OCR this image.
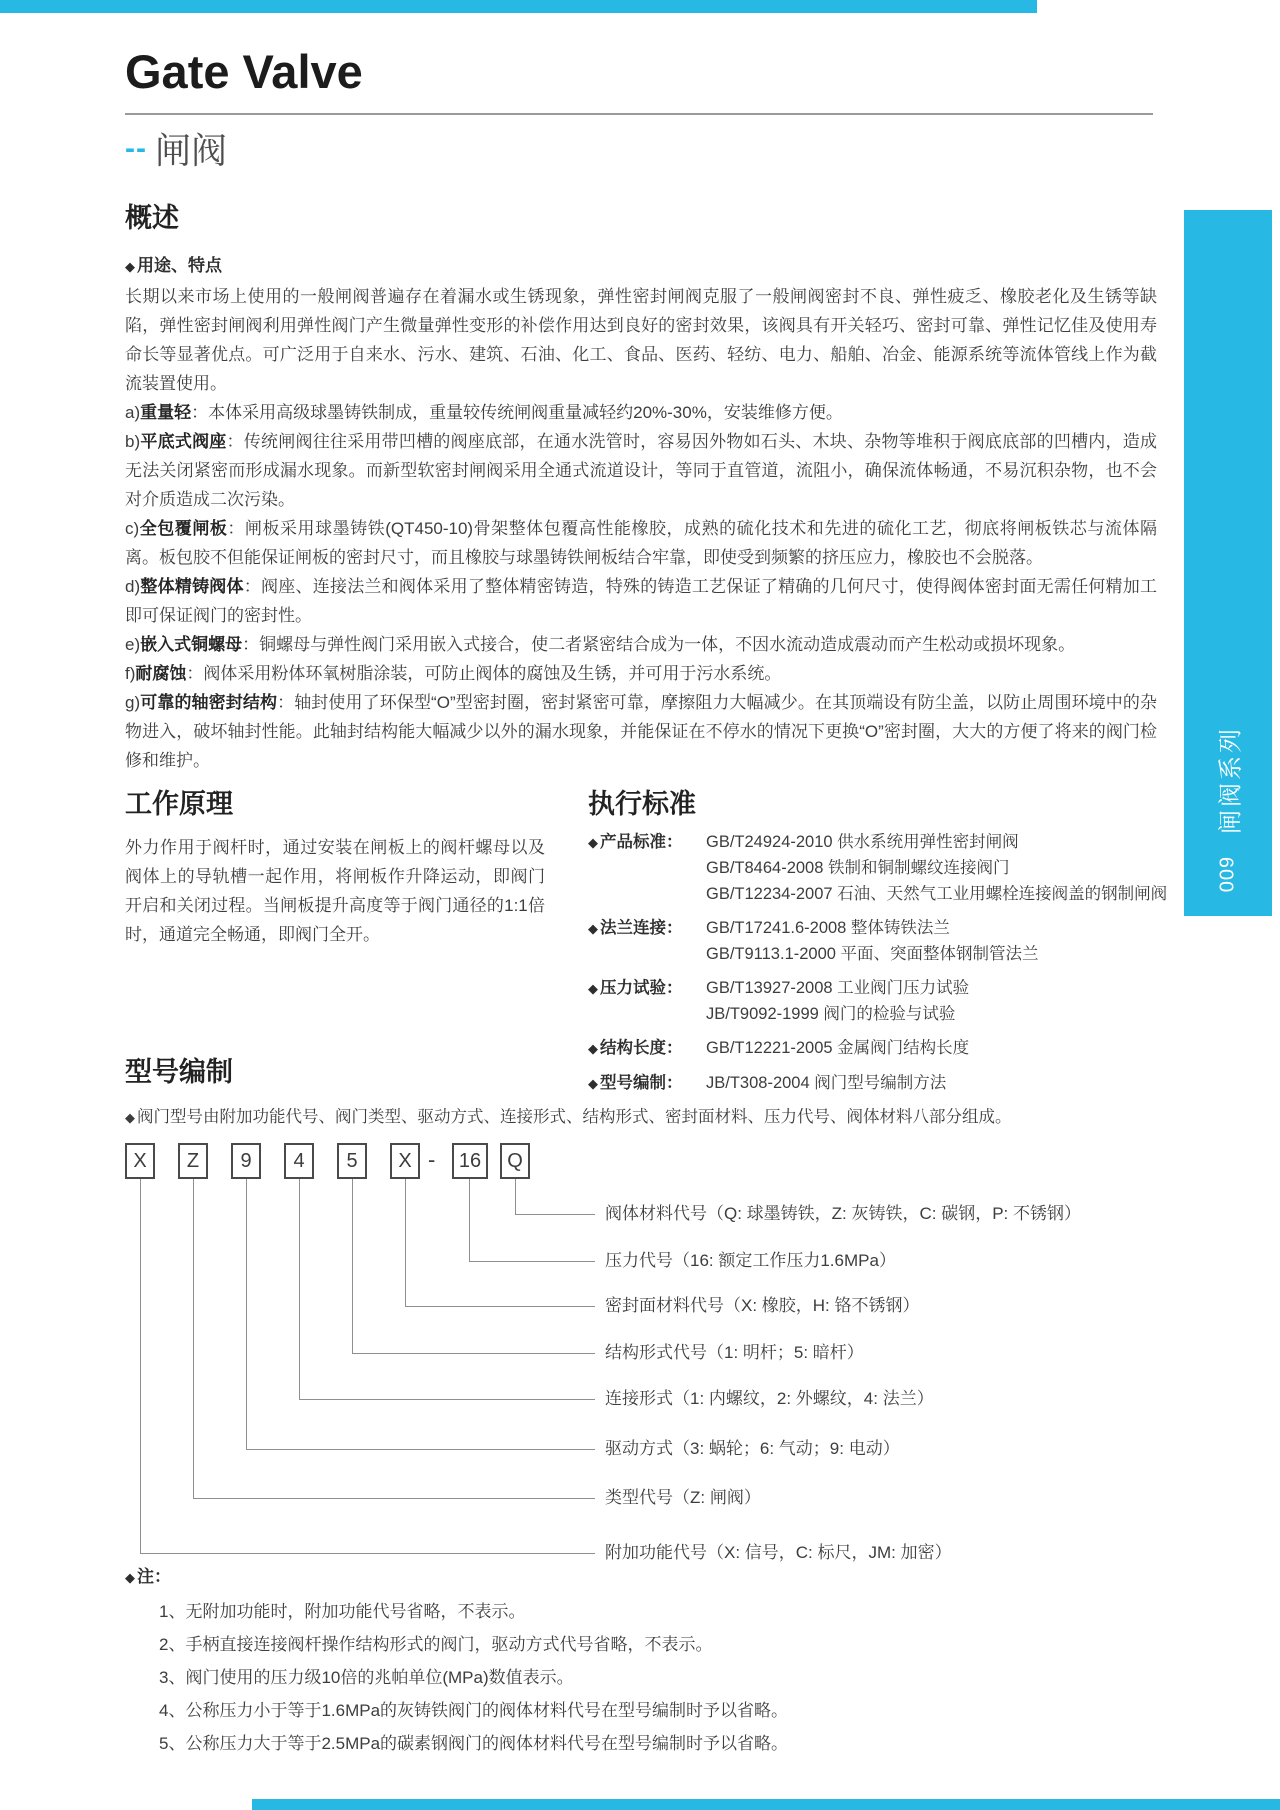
Gate Valve
-- 闸阀
概述
◆ 用途、特点

长期以来市场上使用的一般闸阀普遍存在着漏水或生锈现象，弹性密封闸阀克服了一般闸阀密封不良、弹性疲乏、橡胶老化及生锈等缺陷，弹性密封闸阀利用弹性阀门产生微量弹性变形的补偿作用达到良好的密封效果，该阀具有开关轻巧、密封可靠、弹性记忆佳及使用寿命长等显著优点。可广泛用于自来水、污水、建筑、石油、化工、食品、医药、轻纺、电力、船舶、冶金、能源系统等流体管线上作为截流装置使用。

a)重量轻：本体采用高级球墨铸铁制成，重量较传统闸阀重量减轻约20%-30%，安装维修方便。
b)平底式阀座：传统闸阀往往采用带凹槽的阀座底部，在通水洗管时，容易因外物如石头、木块、杂物等堆积于阀底底部的凹槽内，造成无法关闭紧密而形成漏水现象。而新型软密封闸阀采用全通式流道设计，等同于直管道，流阻小，确保流体畅通，不易沉积杂物，也不会对介质造成二次污染。
c)全包覆闸板：闸板采用球墨铸铁(QT450-10)骨架整体包覆高性能橡胶，成熟的硫化技术和先进的硫化工艺，彻底将闸板铁芯与流体隔离。板包胶不但能保证闸板的密封尺寸，而且橡胶与球墨铸铁闸板结合牢靠，即使受到频繁的挤压应力，橡胶也不会脱落。
d)整体精铸阀体：阀座、连接法兰和阀体采用了整体精密铸造，特殊的铸造工艺保证了精确的几何尺寸，使得阀体密封面无需任何精加工即可保证阀门的密封性。
e)嵌入式铜螺母：铜螺母与弹性阀门采用嵌入式接合，使二者紧密结合成为一体，不因水流动造成震动而产生松动或损坏现象。
f)耐腐蚀：阀体采用粉体环氧树脂涂装，可防止阀体的腐蚀及生锈，并可用于污水系统。
g)可靠的轴密封结构：轴封使用了环保型“O”型密封圈，密封紧密可靠，摩擦阻力大幅减少。在其顶端设有防尘盖，以防止周围环境中的杂物进入，破坏轴封性能。此轴封结构能大幅减少以外的漏水现象，并能保证在不停水的情况下更换“O”密封圈，大大的方便了将来的阀门检修和维护。
工作原理

外力作用于阀杆时，通过安装在闸板上的阀杆螺母以及阀体上的导轨槽一起作用，将闸板作升降运动，即阀门开启和关闭过程。当闸板提升高度等于阀门通径的1:1倍时，通道完全畅通，即阀门全开。

执行标准
◆ 产品标准：	GB/T24924-2010 供水系统用弹性密封闸阀
GB/T8464-2008 铁制和铜制螺纹连接阀门
GB/T12234-2007 石油、天然气工业用螺栓连接阀盖的钢制闸阀
◆ 法兰连接：	GB/T17241.6-2008 整体铸铁法兰
GB/T9113.1-2000 平面、突面整体钢制管法兰
◆ 压力试验：	GB/T13927-2008 工业阀门压力试验
JB/T9092-1999 阀门的检验与试验
◆ 结构长度：	GB/T12221-2005 金属阀门结构长度
◆ 型号编制：	JB/T308-2004 阀门型号编制方法
型号编制
◆ 阀门型号由附加功能代号、阀门类型、驱动方式、连接形式、结构形式、密封面材料、压力代号、阀体材料八部分组成。
X	Z	9	4	5	X -	16	Q
阀体材料代号（Q: 球墨铸铁，Z: 灰铸铁，C: 碳钢，P: 不锈钢）
压力代号（16: 额定工作压力1.6MPa）
密封面材料代号（X: 橡胶，H: 铬不锈钢）
结构形式代号（1: 明杆；5: 暗杆）
连接形式（1: 内螺纹，2: 外螺纹，4: 法兰）
驱动方式（3: 蜗轮；6: 气动；9: 电动）
类型代号（Z: 闸阀）
附加功能代号（X: 信号，C: 标尺，JM: 加密）
◆ 注：
1、无附加功能时，附加功能代号省略，不表示。
2、手柄直接连接阀杆操作结构形式的阀门，驱动方式代号省略，不表示。
3、阀门使用的压力级10倍的兆帕单位(MPa)数值表示。
4、公称压力小于等于1.6MPa的灰铸铁阀门的阀体材料代号在型号编制时予以省略。
5、公称压力大于等于2.5MPa的碳素钢阀门的阀体材料代号在型号编制时予以省略。
闸阀系列
009
